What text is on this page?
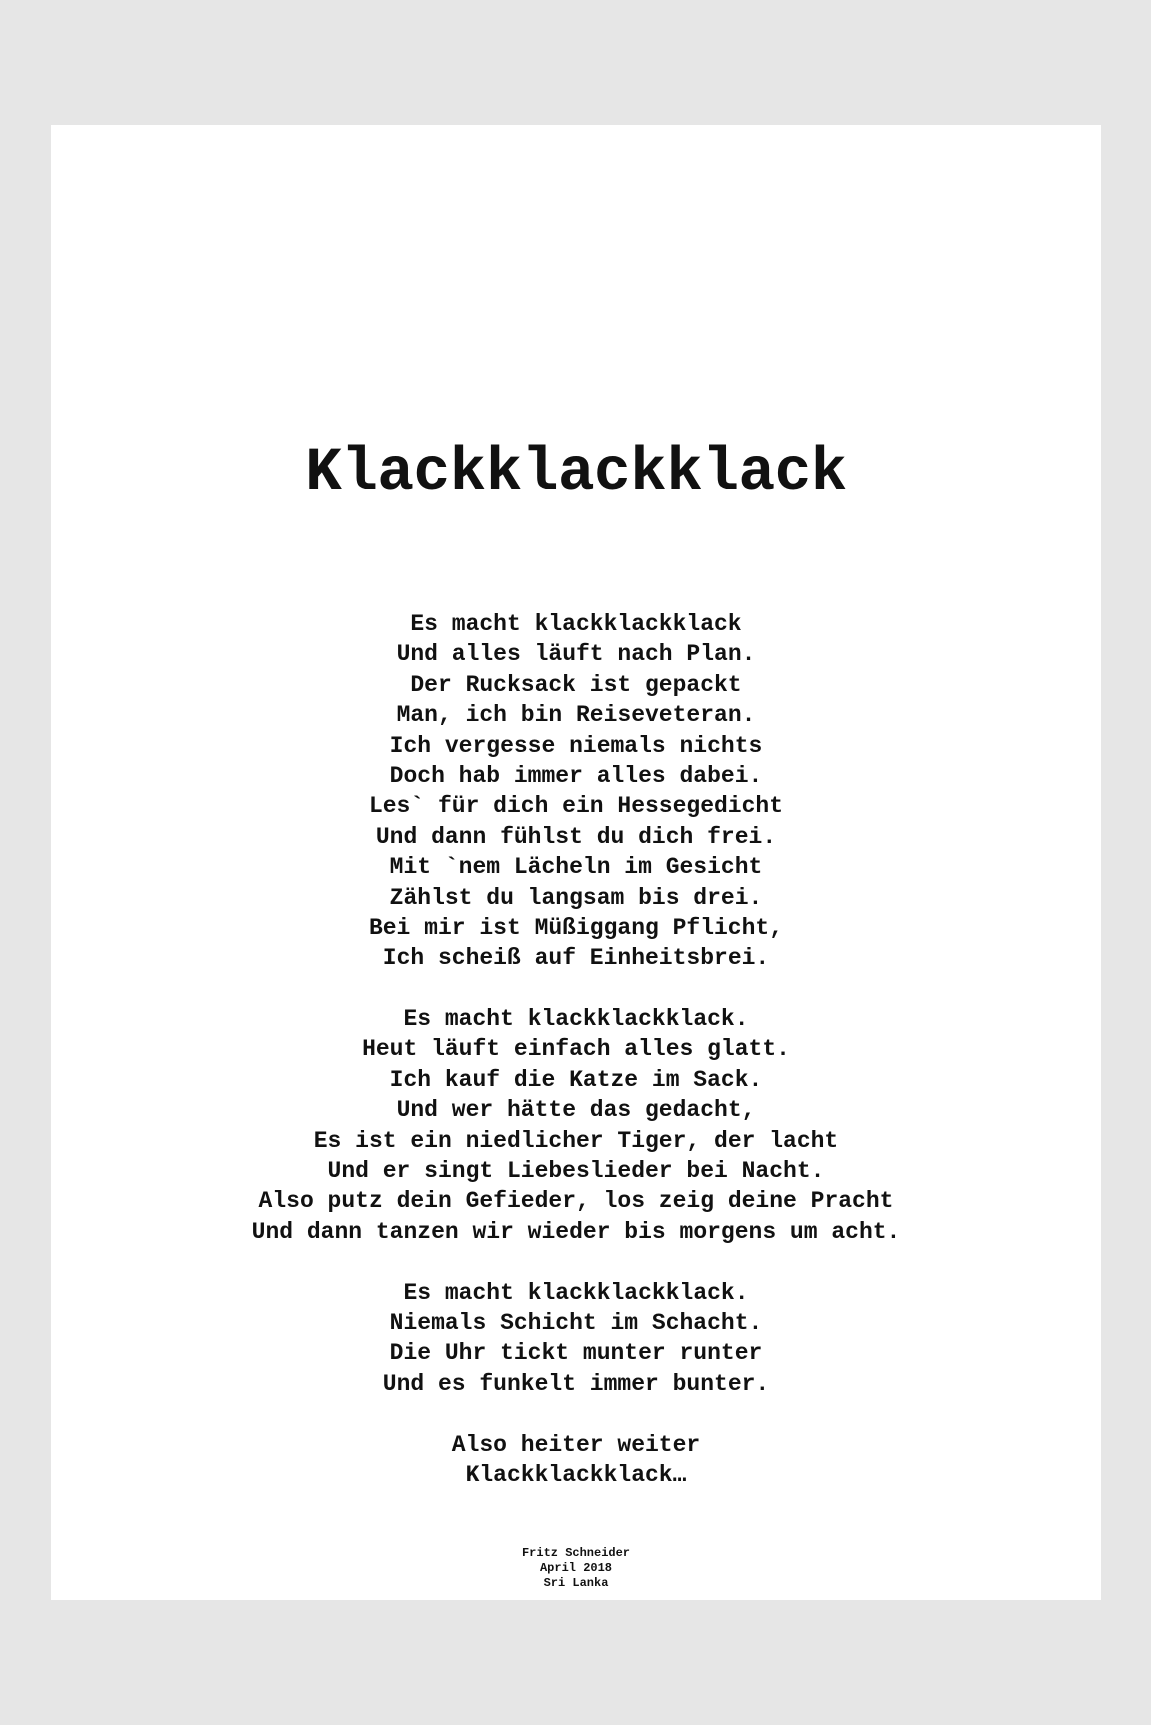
Klackklackklack
Es macht klackklackklack
Und alles läuft nach Plan.
Der Rucksack ist gepackt
Man, ich bin Reiseveteran.
Ich vergesse niemals nichts
Doch hab immer alles dabei.
Les` für dich ein Hessegedicht
Und dann fühlst du dich frei.
Mit `nem Lächeln im Gesicht
Zählst du langsam bis drei.
Bei mir ist Müßiggang Pflicht,
Ich scheiß auf Einheitsbrei.
Es macht klackklackklack.
Heut läuft einfach alles glatt.
Ich kauf die Katze im Sack.
Und wer hätte das gedacht,
Es ist ein niedlicher Tiger, der lacht
Und er singt Liebeslieder bei Nacht.
Also putz dein Gefieder, los zeig deine Pracht
Und dann tanzen wir wieder bis morgens um acht.
Es macht klackklackklack.
Niemals Schicht im Schacht.
Die Uhr tickt munter runter
Und es funkelt immer bunter.
Also heiter weiter
Klackklackklack…
Fritz Schneider
April 2018
Sri Lanka
